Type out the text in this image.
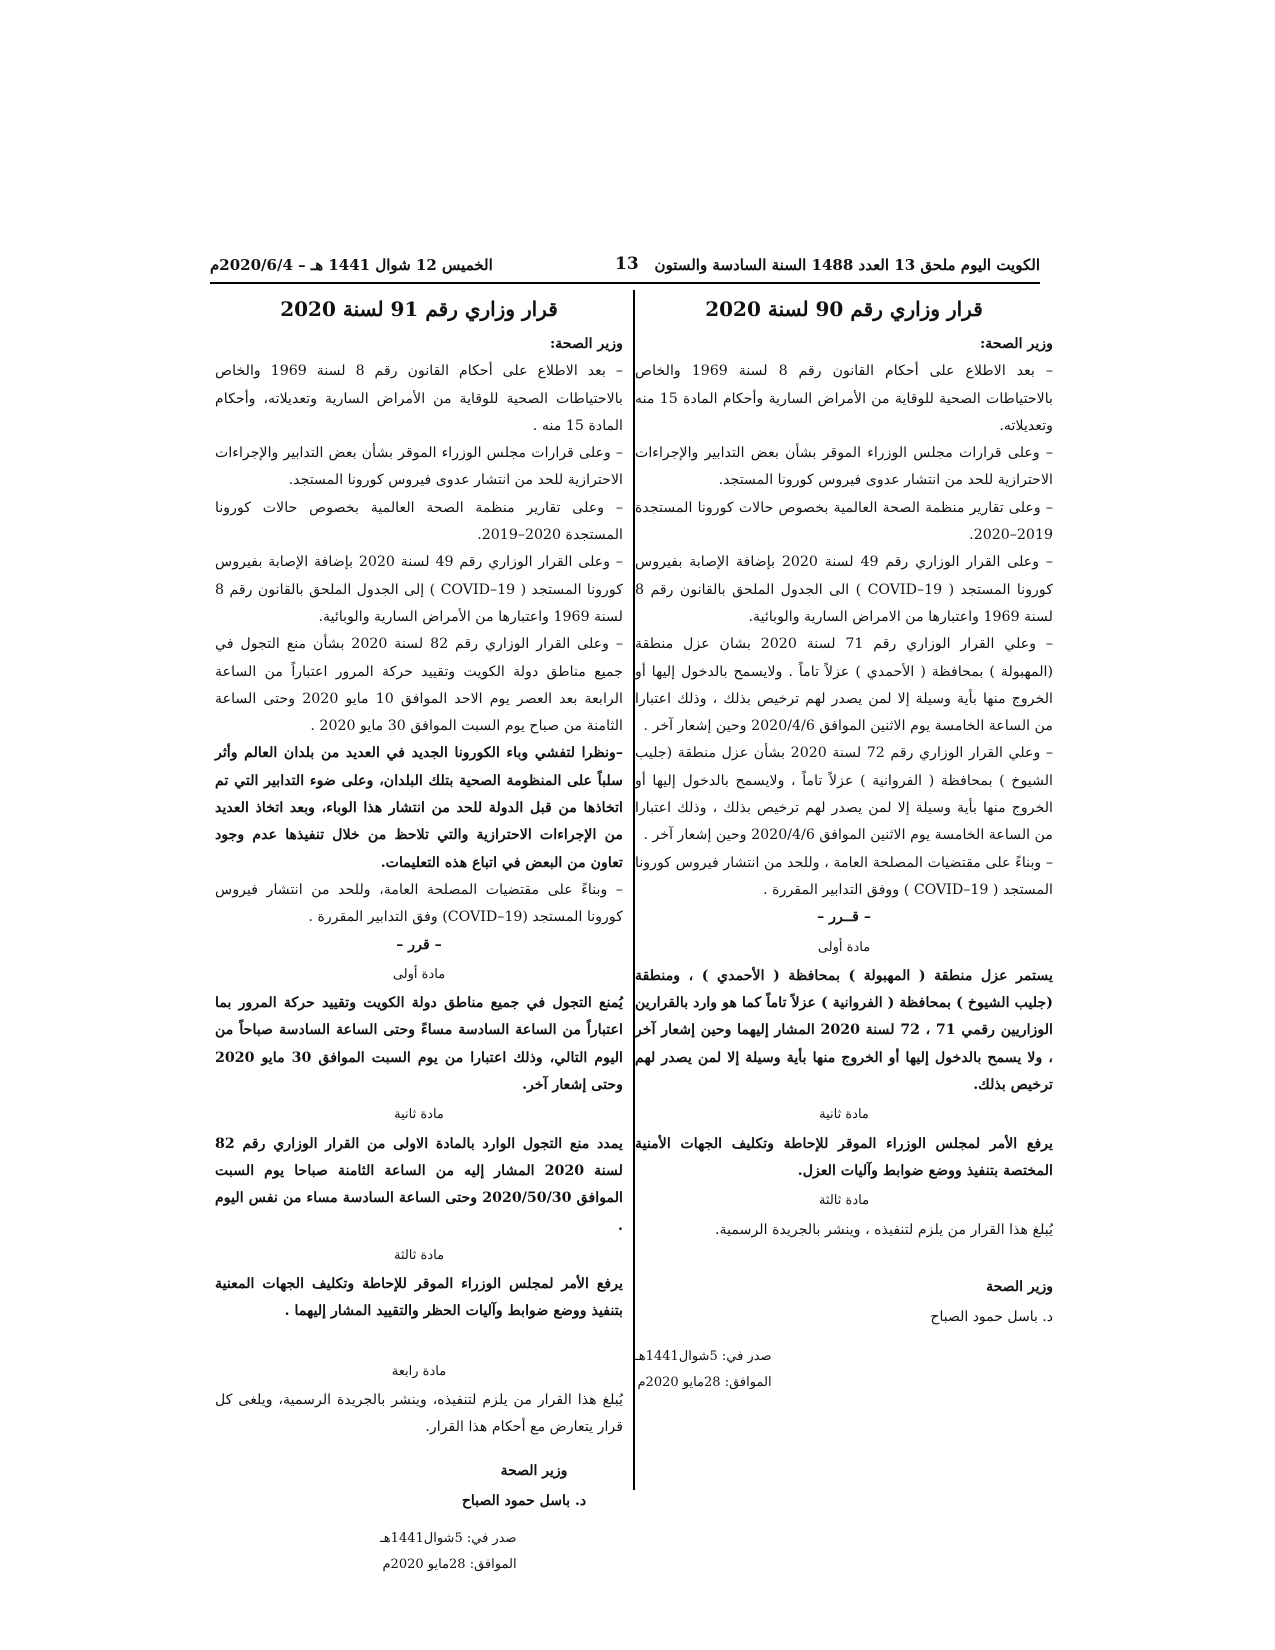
الكويت اليوم ملحق 13 العدد 1488 السنة السادسة والستون
13
الخميس 12 شوال 1441 هـ – 2020/6/4م
قرار وزاري رقم 90 لسنة 2020

وزير الصحة:

– بعد الاطلاع على أحكام القانون رقم 8 لسنة 1969 والخاص بالاحتياطات الصحية للوقاية من الأمراض السارية وأحكام المادة 15 منه وتعديلاته.

– وعلى قرارات مجلس الوزراء الموقر بشأن بعض التدابير والإجراءات الاحترازية للحد من انتشار عدوى فيروس كورونا المستجد.

– وعلى تقارير منظمة الصحة العالمية بخصوص حالات كورونا المستجدة 2019–2020.

– وعلى القرار الوزاري رقم 49 لسنة 2020 بإضافة الإصابة بفيروس كورونا المستجد ( COVID–19 ) الى الجدول الملحق بالقانون رقم 8 لسنة 1969 واعتبارها من الامراض السارية والوبائية.

– وعلي القرار الوزاري رقم 71 لسنة 2020 بشان عزل منطقة (المهبولة ) بمحافظة ( الأحمدي ) عزلاً تاماً . ولايسمح بالدخول إليها أو الخروج منها بأية وسيلة إلا لمن يصدر لهم ترخيص بذلك ، وذلك اعتبارا من الساعة الخامسة يوم الاثنين الموافق 2020/4/6 وحين إشعار آخر .

– وعلي القرار الوزاري رقم 72 لسنة 2020 بشأن عزل منطقة (جليب الشيوخ ) بمحافظة ( الفروانية ) عزلاً تاماً ، ولايسمح بالدخول إليها أو الخروج منها بأية وسيلة إلا لمن يصدر لهم ترخيص بذلك ، وذلك اعتبارا من الساعة الخامسة يوم الاثنين الموافق 2020/4/6 وحين إشعار آخر .

– وبناءً على مقتضيات المصلحة العامة ، وللحد من انتشار فيروس كورونا المستجد ( COVID–19 ) ووفق التدابير المقررة .

– قــرر –

مادة أولى

يستمر عزل منطقة ( المهبولة ) بمحافظة ( الأحمدي ) ، ومنطقة (جليب الشيوخ ) بمحافظة ( الفروانية ) عزلاً تاماً كما هو وارد بالقرارين الوزاريين رقمي 71 ، 72 لسنة 2020 المشار إليهما وحين إشعار آخر ، ولا يسمح بالدخول إليها أو الخروج منها بأية وسيلة إلا لمن يصدر لهم ترخيص بذلك.

مادة ثانية

يرفع الأمر لمجلس الوزراء الموقر للإحاطة وتكليف الجهات الأمنية المختصة بتنفيذ ووضع ضوابط وآليات العزل.

مادة ثالثة

يُبلغ هذا القرار من يلزم لتنفيذه ، وينشر بالجريدة الرسمية.

وزير الصحة
د. باسل حمود الصباح
صدر في: 5شوال1441هـ
الموافق: 28مايو 2020م
قرار وزاري رقم 91 لسنة 2020

وزير الصحة:

– بعد الاطلاع على أحكام القانون رقم 8 لسنة 1969 والخاص بالاحتياطات الصحية للوقاية من الأمراض السارية وتعديلاته، وأحكام المادة 15 منه .

– وعلى قرارات مجلس الوزراء الموقر بشأن بعض التدابير والإجراءات الاحترازية للحد من انتشار عدوى فيروس كورونا المستجد.

– وعلى تقارير منظمة الصحة العالمية بخصوص حالات كورونا المستجدة 2020–2019.

– وعلى القرار الوزاري رقم 49 لسنة 2020 بإضافة الإصابة بفيروس كورونا المستجد ( COVID–19 ) إلى الجدول الملحق بالقانون رقم 8 لسنة 1969 واعتبارها من الأمراض السارية والوبائية.

– وعلى القرار الوزاري رقم 82 لسنة 2020 بشأن منع التجول في جميع مناطق دولة الكويت وتقييد حركة المرور اعتباراً من الساعة الرابعة بعد العصر يوم الاحد الموافق 10 مايو 2020 وحتى الساعة الثامنة من صباح يوم السبت الموافق 30 مايو 2020 .

–ونظرا لتفشي وباء الكورونا الجديد في العديد من بلدان العالم وأثر سلباً على المنظومة الصحية بتلك البلدان، وعلى ضوء التدابير التي تم اتخاذها من قبل الدولة للحد من انتشار هذا الوباء، وبعد اتخاذ العديد من الإجراءات الاحترازية والتي تلاحظ من خلال تنفيذها عدم وجود تعاون من البعض في اتباع هذه التعليمات.

– وبناءً على مقتضيات المصلحة العامة، وللحد من انتشار فيروس كورونا المستجد (COVID–19) وفق التدابير المقررة .

– قرر –

مادة أولى

يُمنع التجول في جميع مناطق دولة الكويت وتقييد حركة المرور بما اعتباراً من الساعة السادسة مساءً وحتى الساعة السادسة صباحاً من اليوم التالي، وذلك اعتبارا من يوم السبت الموافق 30 مايو 2020 وحتى إشعار آخر.

مادة ثانية

يمدد منع التجول الوارد بالمادة الاولى من القرار الوزاري رقم 82 لسنة 2020 المشار إليه من الساعة الثامنة صباحا يوم السبت الموافق 2020/50/30 وحتى الساعة السادسة مساء من نفس اليوم .

مادة ثالثة

يرفع الأمر لمجلس الوزراء الموقر للإحاطة وتكليف الجهات المعنية بتنفيذ ووضع ضوابط وآليات الحظر والتقييد المشار إليهما .

مادة رابعة

يُبلغ هذا القرار من يلزم لتنفيذه، وينشر بالجريدة الرسمية، ويلغى كل قرار يتعارض مع أحكام هذا القرار.

وزير الصحة
د. باسل حمود الصباح
صدر في: 5شوال1441هـ
الموافق: 28مايو 2020م
